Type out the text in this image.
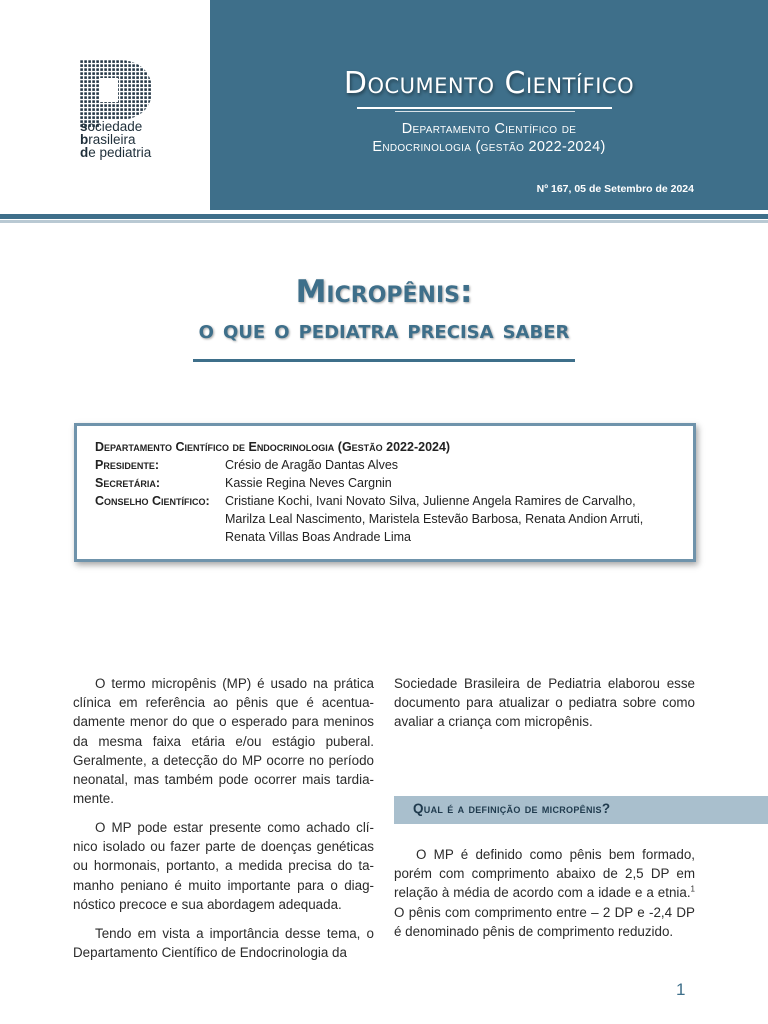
sociedade
brasileira
de pediatria
Documento Científico
Departamento Científico de
Endocrinologia (gestão 2022-2024)
Nº 167, 05 de Setembro de 2024
Micropênis:
o que o pediatra precisa saber
Departamento Científico de Endocrinologia (Gestão 2022-2024)
Presidente:	Crésio de Aragão Dantas Alves
Secretária:	Kassie Regina Neves Cargnin
Conselho Científico:	Cristiane Kochi, Ivani Novato Silva, Julienne Angela Ramires de Carvalho,
Marilza Leal Nascimento, Maristela Estevão Barbosa, Renata Andion Arruti,
Renata Villas Boas Andrade Lima

O termo micropênis (MP) é usado na prática clínica em referência ao pênis que é acentuadamente menor do que o esperado para meninos da mesma faixa etária e/ou estágio puberal. Geralmente, a detecção do MP ocorre no período neonatal, mas também pode ocorrer mais tardiamente.

O MP pode estar presente como achado clínico isolado ou fazer parte de doenças genéticas ou hormonais, portanto, a medida precisa do tamanho peniano é muito importante para o diagnóstico precoce e sua abordagem adequada.

Tendo em vista a importância desse tema, o Departamento Científico de Endocrinologia da

Sociedade Brasileira de Pediatria elaborou esse documento para atualizar o pediatra sobre como avaliar a criança com micropênis.

Qual é a definição de micropênis?

O MP é definido como pênis bem formado, porém com comprimento abaixo de 2,5 DP em relação à média de acordo com a idade e a etnia.$^1$ O pênis com comprimento entre – 2 DP e -2,4 DP é denominado pênis de comprimento reduzido.

1
